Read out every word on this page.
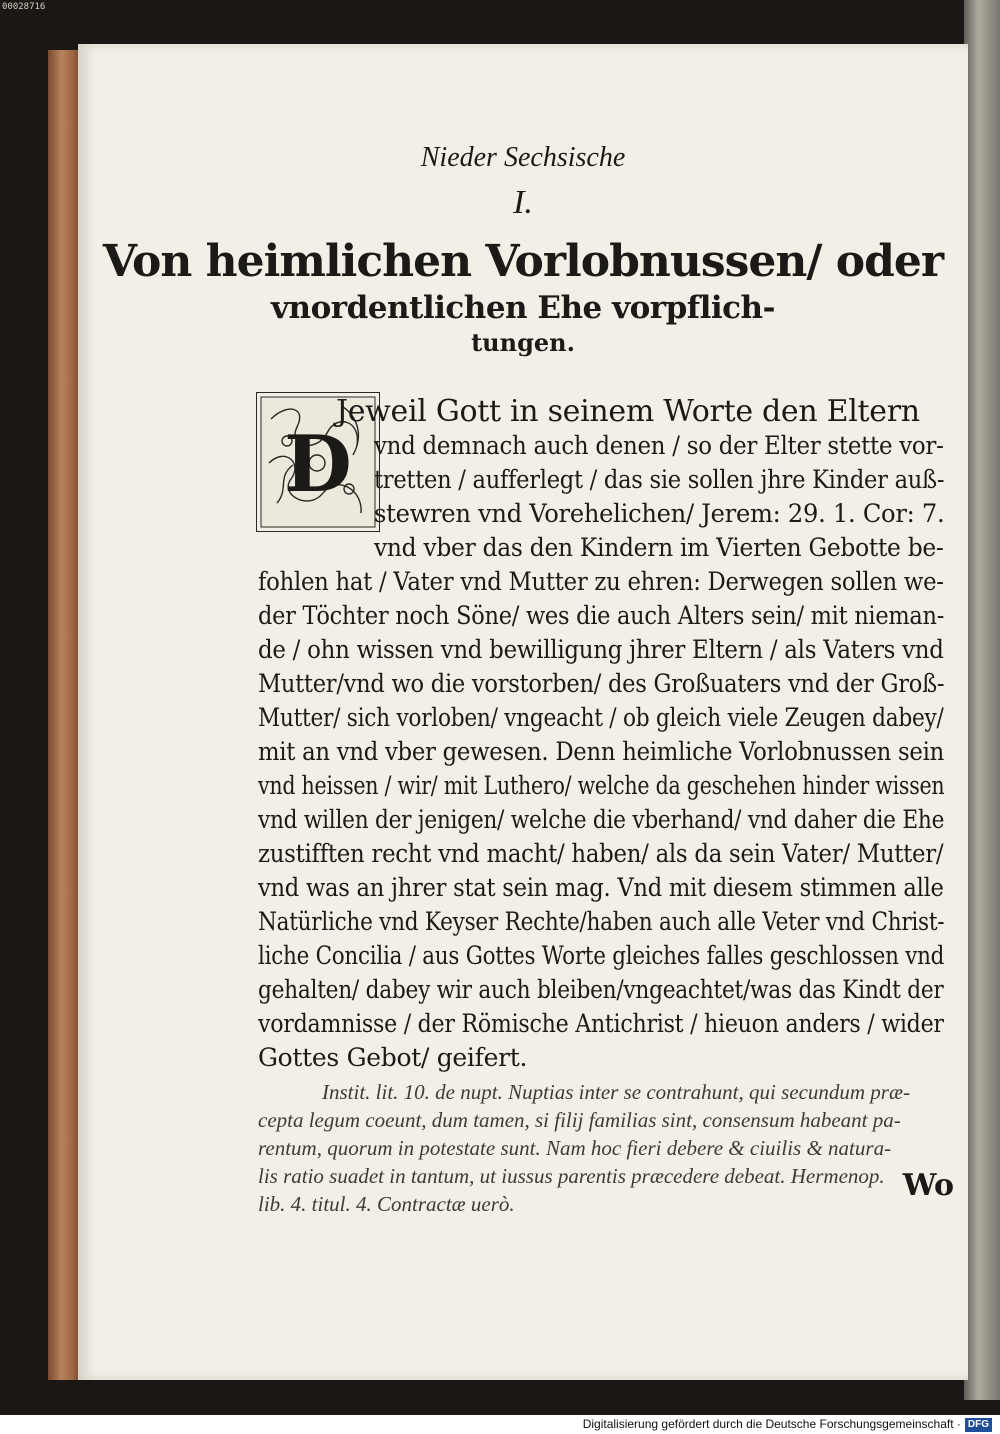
00028716
Nieder Sechsische
I.
Von heimlichen Vorlobnussen/ oder
vnordentlichen Ehe vorpflich-
tungen.
D
Jeweil Gott in seinem Worte den Eltern
vnd demnach auch denen / so der Elter stette vor-
tretten / aufferlegt / das sie sollen jhre Kinder auß-
stewren vnd Vorehelichen/ Jerem: 29. 1. Cor: 7.
vnd vber das den Kindern im Vierten Gebotte be-
fohlen hat / Vater vnd Mutter zu ehren: Derwegen sollen we-
der Töchter noch Söne/ wes die auch Alters sein/ mit nieman-
de / ohn wissen vnd bewilligung jhrer Eltern / als Vaters vnd
Mutter/vnd wo die vorstorben/ des Großuaters vnd der Groß-
Mutter/ sich vorloben/ vngeacht / ob gleich viele Zeugen dabey/
mit an vnd vber gewesen. Denn heimliche Vorlobnussen sein
vnd heissen / wir/ mit Luthero/ welche da geschehen hinder wissen
vnd willen der jenigen/ welche die vberhand/ vnd daher die Ehe
zustifften recht vnd macht/ haben/ als da sein Vater/ Mutter/
vnd was an jhrer stat sein mag. Vnd mit diesem stimmen alle
Natürliche vnd Keyser Rechte/haben auch alle Veter vnd Christ-
liche Concilia / aus Gottes Worte gleiches falles geschlossen vnd
gehalten/ dabey wir auch bleiben/vngeachtet/was das Kindt der
vordamnisse / der Römische Antichrist / hieuon anders / wider
Gottes Gebot/ geifert.
Instit. lit. 10. de nupt. Nuptias inter se contrahunt, qui secundum præ-
cepta legum coeunt, dum tamen, si filij familias sint, consensum habeant pa-
rentum, quorum in potestate sunt. Nam hoc fieri debere & ciuilis & natura-
lis ratio suadet in tantum, ut iussus parentis præcedere debeat. Hermenop.
lib. 4. titul. 4. Contractæ uerò.
Wo
Digitalisierung gefördert durch die Deutsche Forschungsgemeinschaft · DFG
